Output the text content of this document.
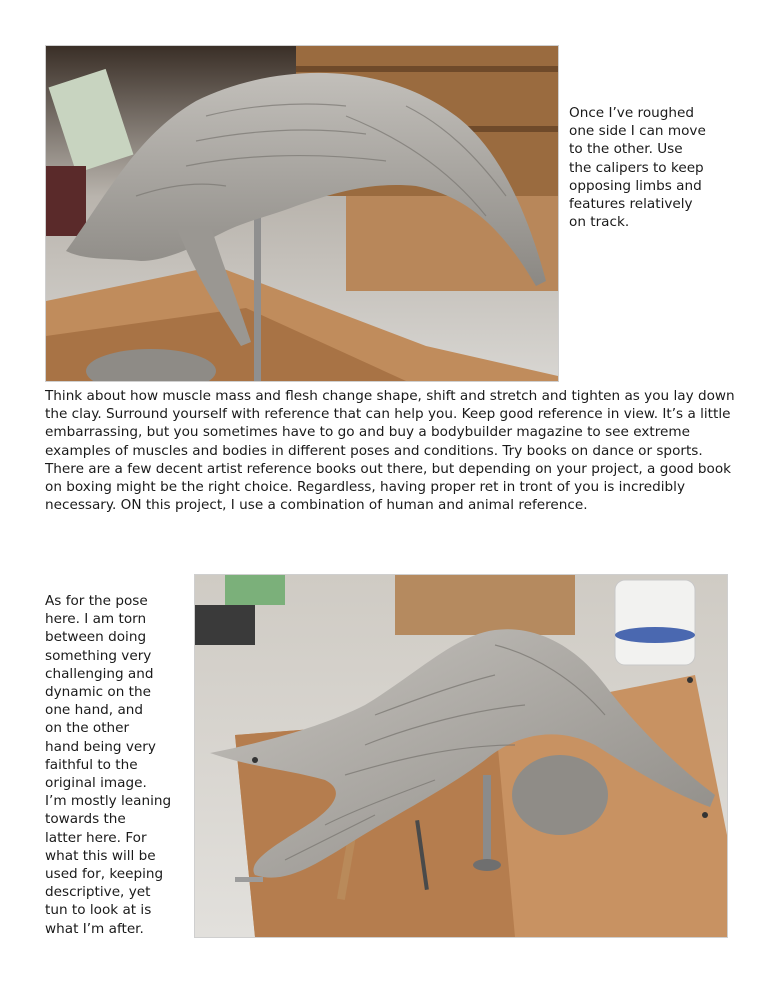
Once I’ve roughed
one side I can move
to the other. Use
the calipers to keep
opposing limbs and
features relatively
on track.

Think about how muscle mass and flesh change shape, shift and stretch and tighten as you lay down the clay. Surround yourself with reference that can help you. Keep good reference in view. It’s a little embarrassing, but you sometimes have to go and buy a bodybuilder magazine to see extreme examples of muscles and bodies in different poses and conditions. Try books on dance or sports. There are a few decent artist reference books out there, but depending on your project, a good book on boxing might be the right choice. Regardless, having proper ret in tront of you is incredibly necessary. ON this project, I use a combination of human and animal reference.

As for the pose
here. I am torn
between doing
something very
challenging and
dynamic on the
one hand, and
on the other
hand being very
faithful to the
original image.
I’m mostly leaning
towards the
latter here. For
what this will be
used for, keeping
descriptive, yet
tun to look at is
what I’m after.
